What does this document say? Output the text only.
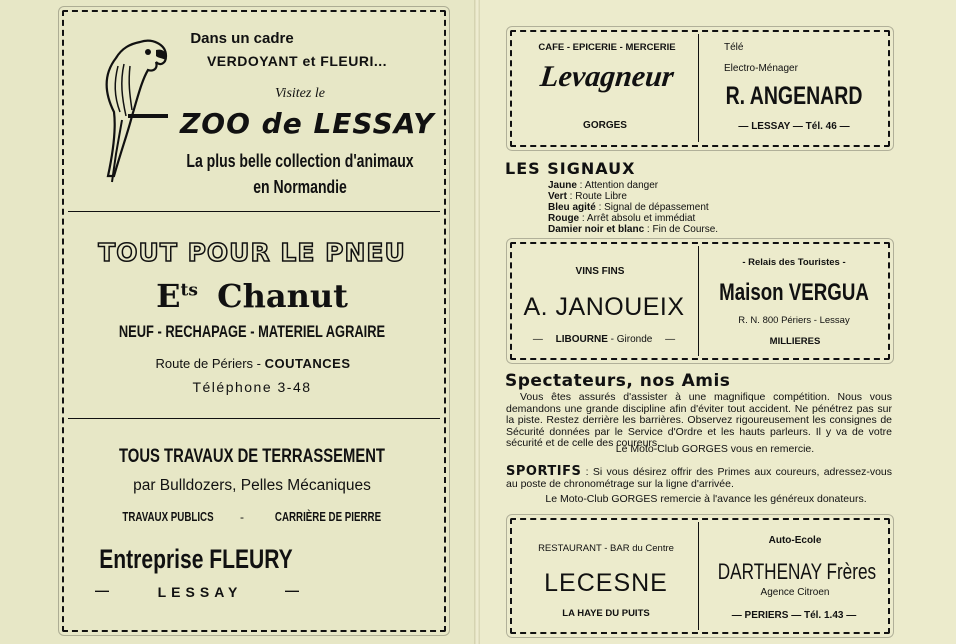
Dans un cadre
VERDOYANT et FLEURI...
Visitez le
ZOO de LESSAY
La plus belle collection d'animaux
en Normandie
TOUT POUR LE PNEU
$E^{ts}$ Chanut
NEUF - RECHAPAGE - MATERIEL AGRAIRE
Route de Périers - COUTANCES
Téléphone 3-48
TOUS TRAVAUX DE TERRASSEMENT
par Bulldozers, Pelles Mécaniques
TRAVAUX PUBLICS	-	CARRIÈRE DE PIERRE
Entreprise FLEURY
—	LESSAY	—
CAFE - EPICERIE - MERCERIE
Levagneur
GORGES
Télé
Electro-Ménager
R. ANGENARD
— LESSAY — Tél. 46 —
LES SIGNAUX
Jaune : Attention danger
Vert : Route Libre
Bleu agité : Signal de dépassement
Rouge : Arrêt absolu et immédiat
Damier noir et blanc : Fin de Course.
VINS FINS
A. JANOUEIX
— LIBOURNE - Gironde —
- Relais des Touristes -
Maison VERGUA
R. N. 800 Périers - Lessay
MILLIERES
Spectateurs, nos Amis
Vous êtes assurés d'assister à une magnifique compétition. Nous vous demandons une grande discipline afin d'éviter tout accident. Ne pénétrez pas sur la piste. Restez derrière les barrières. Observez rigoureusement les consignes de Sécurité données par le Service d'Ordre et les hauts parleurs. Il y va de votre sécurité et de celle des coureurs.
Le Moto-Club GORGES vous en remercie.
SPORTIFS : Si vous désirez offrir des Primes aux coureurs, adressez-vous au poste de chronométrage sur la ligne d'arrivée.
Le Moto-Club GORGES remercie à l'avance les généreux donateurs.
RESTAURANT - BAR du Centre
LECESNE
LA HAYE DU PUITS
Auto-Ecole
DARTHENAY Frères
Agence Citroen
— PERIERS — Tél. 1.43 —
